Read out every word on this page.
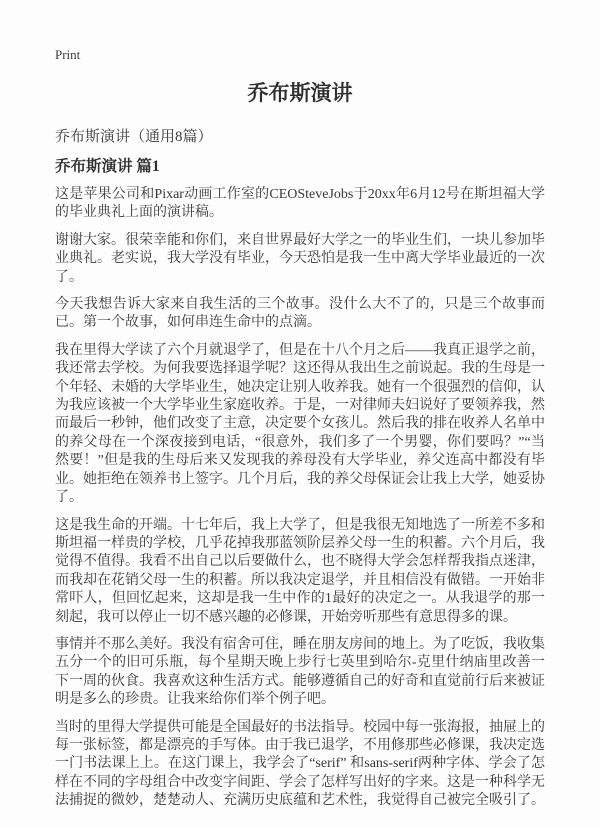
Print
乔布斯演讲
乔布斯演讲（通用8篇）
乔布斯演讲 篇1

这是苹果公司和Pixar动画工作室的CEOSteveJobs于20xx年6月12号在斯坦福大学的毕业典礼上面的演讲稿。

谢谢大家。很荣幸能和你们，来自世界最好大学之一的毕业生们，一块儿参加毕业典礼。老实说，我大学没有毕业，今天恐怕是我一生中离大学毕业最近的一次了。

今天我想告诉大家来自我生活的三个故事。没什么大不了的，只是三个故事而已。第一个故事，如何串连生命中的点滴。

我在里得大学读了六个月就退学了，但是在十八个月之后——我真正退学之前，我还常去学校。为何我要选择退学呢？这还得从我出生之前说起。我的生母是一个年轻、未婚的大学毕业生，她决定让别人收养我。她有一个很强烈的信仰，认为我应该被一个大学毕业生家庭收养。于是，一对律师夫妇说好了要领养我，然而最后一秒钟，他们改变了主意，决定要个女孩儿。然后我的排在收养人名单中的养父母在一个深夜接到电话，“很意外，我们多了一个男婴，你们要吗？”“当然要！”但是我的生母后来又发现我的养母没有大学毕业，养父连高中都没有毕业。她拒绝在领养书上签字。几个月后，我的养父母保证会让我上大学，她妥协了。

这是我生命的开端。十七年后，我上大学了，但是我很无知地选了一所差不多和斯坦福一样贵的学校，几乎花掉我那蓝领阶层养父母一生的积蓄。六个月后，我觉得不值得。我看不出自己以后要做什么，也不晓得大学会怎样帮我指点迷津，而我却在花销父母一生的积蓄。所以我决定退学，并且相信没有做错。一开始非常吓人，但回忆起来，这却是我一生中作的1最好的决定之一。从我退学的那一刻起，我可以停止一切不感兴趣的必修课，开始旁听那些有意思得多的课。

事情并不那么美好。我没有宿舍可住，睡在朋友房间的地上。为了吃饭，我收集五分一个的旧可乐瓶，每个星期天晚上步行七英里到哈尔-克里什纳庙里改善一下一周的伙食。我喜欢这种生活方式。能够遵循自己的好奇和直觉前行后来被证明是多么的珍贵。让我来给你们举个例子吧。

当时的里得大学提供可能是全国最好的书法指导。校园中每一张海报，抽屉上的每一张标签，都是漂亮的手写体。由于我已退学，不用修那些必修课，我决定选一门书法课上上。在这门课上，我学会了“serif” 和sans-serif两种字体、学会了怎样在不同的字母组合中改变字间距、学会了怎样写出好的字来。这是一种科学无法捕捉的微妙，楚楚动人、充满历史底蕴和艺术性，我觉得自己被完全吸引了。
